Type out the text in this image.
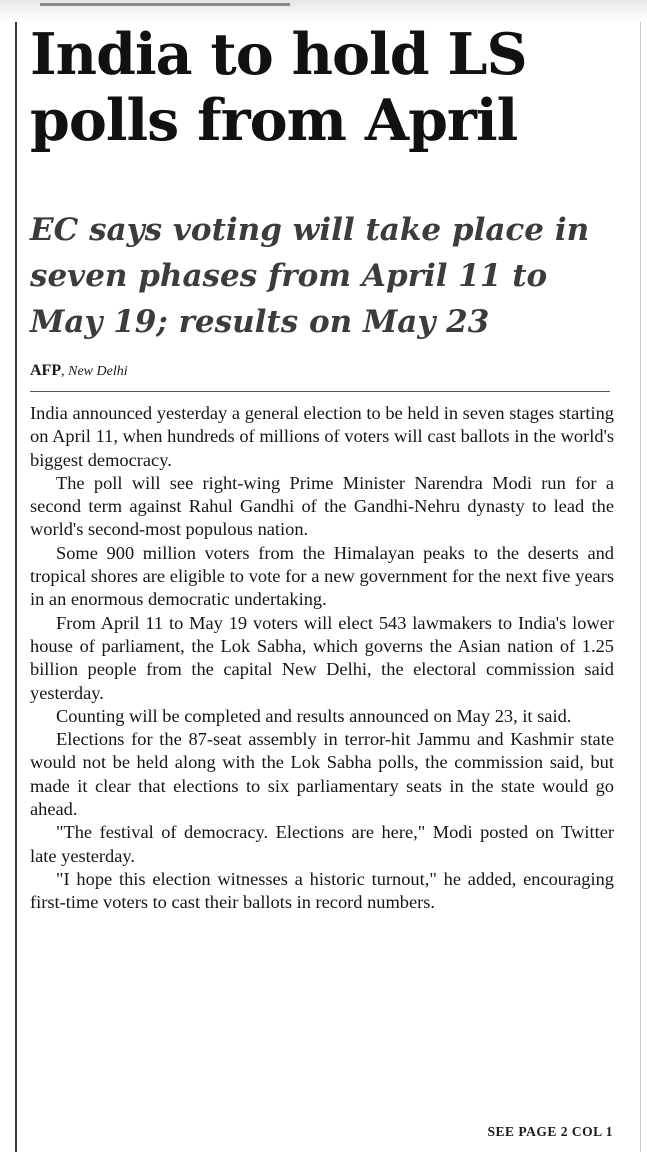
India to hold LS polls from April
EC says voting will take place in seven phases from April 11 to May 19; results on May 23
AFP, New Delhi

India announced yesterday a general election to be held in seven stages starting on April 11, when hundreds of millions of voters will cast ballots in the world's biggest democracy.

The poll will see right-wing Prime Minister Narendra Modi run for a second term against Rahul Gandhi of the Gandhi-Nehru dynasty to lead the world's second-most populous nation.

Some 900 million voters from the Himalayan peaks to the deserts and tropical shores are eligible to vote for a new government for the next five years in an enormous democratic undertaking.

From April 11 to May 19 voters will elect 543 lawmakers to India's lower house of parliament, the Lok Sabha, which governs the Asian nation of 1.25 billion people from the capital New Delhi, the electoral commission said yesterday.

Counting will be completed and results announced on May 23, it said.

Elections for the 87-seat assembly in terror-hit Jammu and Kashmir state would not be held along with the Lok Sabha polls, the commission said, but made it clear that elections to six parliamentary seats in the state would go ahead.

"The festival of democracy. Elections are here," Modi posted on Twitter late yesterday.

"I hope this election witnesses a historic turnout," he added, encouraging first-time voters to cast their ballots in record numbers.

SEE PAGE 2 COL 1
